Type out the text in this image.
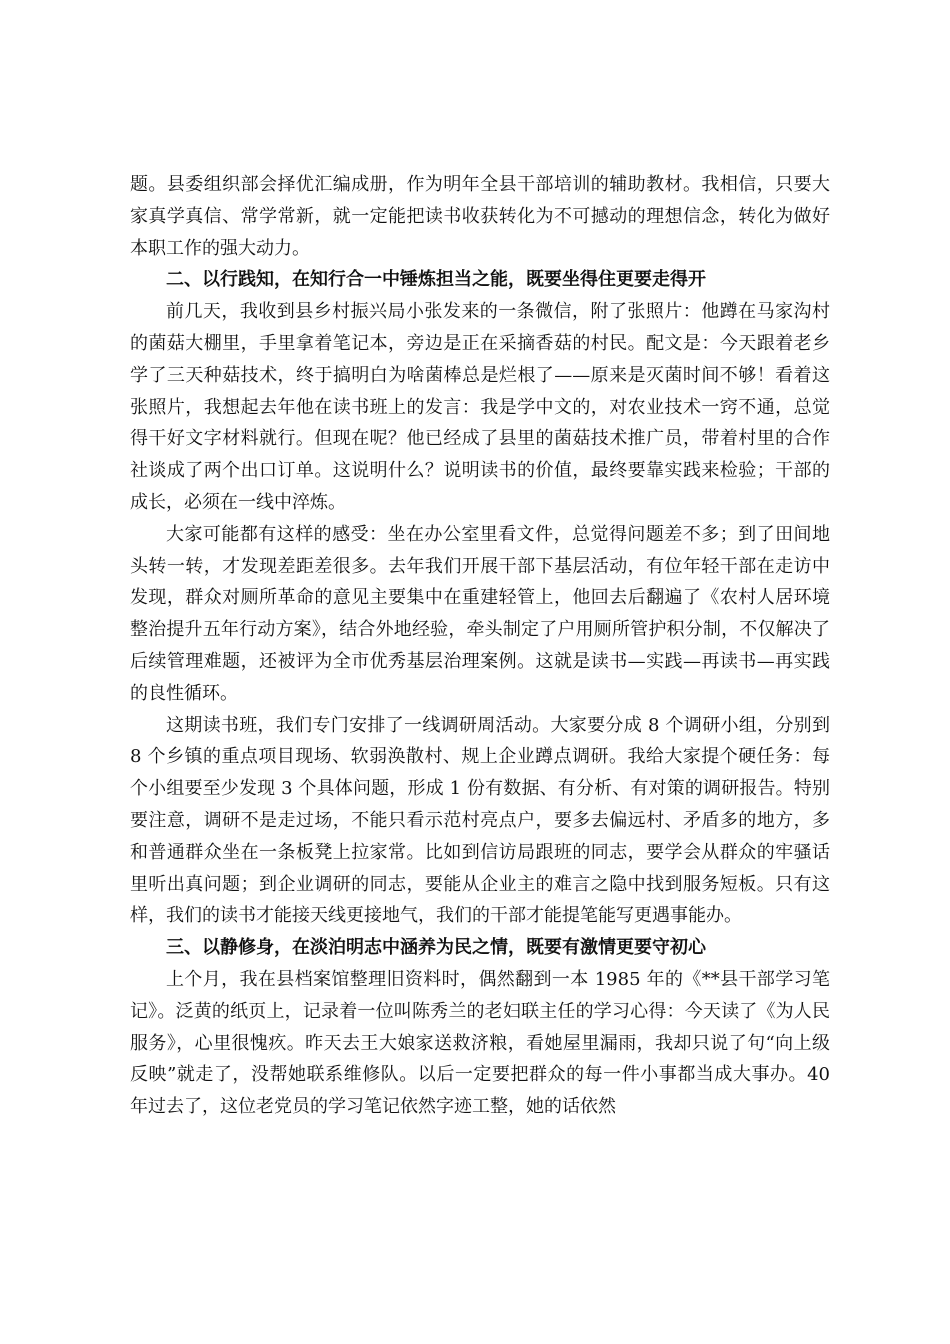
题。县委组织部会择优汇编成册，作为明年全县干部培训的辅助教材。我相信，只要大家真学真信、常学常新，就一定能把读书收获转化为不可撼动的理想信念，转化为做好本职工作的强大动力。

二、以行践知，在知行合一中锤炼担当之能，既要坐得住更要走得开

前几天，我收到县乡村振兴局小张发来的一条微信，附了张照片：他蹲在马家沟村的菌菇大棚里，手里拿着笔记本，旁边是正在采摘香菇的村民。配文是：今天跟着老乡学了三天种菇技术，终于搞明白为啥菌棒总是烂根了——原来是灭菌时间不够！看着这张照片，我想起去年他在读书班上的发言：我是学中文的，对农业技术一窍不通，总觉得干好文字材料就行。但现在呢？他已经成了县里的菌菇技术推广员，带着村里的合作社谈成了两个出口订单。这说明什么？说明读书的价值，最终要靠实践来检验；干部的成长，必须在一线中淬炼。

大家可能都有这样的感受：坐在办公室里看文件，总觉得问题差不多；到了田间地头转一转，才发现差距差很多。去年我们开展干部下基层活动，有位年轻干部在走访中发现，群众对厕所革命的意见主要集中在重建轻管上，他回去后翻遍了《农村人居环境整治提升五年行动方案》，结合外地经验，牵头制定了户用厕所管护积分制，不仅解决了后续管理难题，还被评为全市优秀基层治理案例。这就是读书—实践—再读书—再实践的良性循环。

这期读书班，我们专门安排了一线调研周活动。大家要分成 8 个调研小组，分别到 8 个乡镇的重点项目现场、软弱涣散村、规上企业蹲点调研。我给大家提个硬任务：每个小组要至少发现 3 个具体问题，形成 1 份有数据、有分析、有对策的调研报告。特别要注意，调研不是走过场，不能只看示范村亮点户，要多去偏远村、矛盾多的地方，多和普通群众坐在一条板凳上拉家常。比如到信访局跟班的同志，要学会从群众的牢骚话里听出真问题；到企业调研的同志，要能从企业主的难言之隐中找到服务短板。只有这样，我们的读书才能接天线更接地气，我们的干部才能提笔能写更遇事能办。

三、以静修身，在淡泊明志中涵养为民之情，既要有激情更要守初心

上个月，我在县档案馆整理旧资料时，偶然翻到一本 1985 年的《**县干部学习笔记》。泛黄的纸页上，记录着一位叫陈秀兰的老妇联主任的学习心得：今天读了《为人民服务》，心里很愧疚。昨天去王大娘家送救济粮，看她屋里漏雨，我却只说了句“向上级反映”就走了，没帮她联系维修队。以后一定要把群众的每一件小事都当成大事办。40 年过去了，这位老党员的学习笔记依然字迹工整，她的话依然
